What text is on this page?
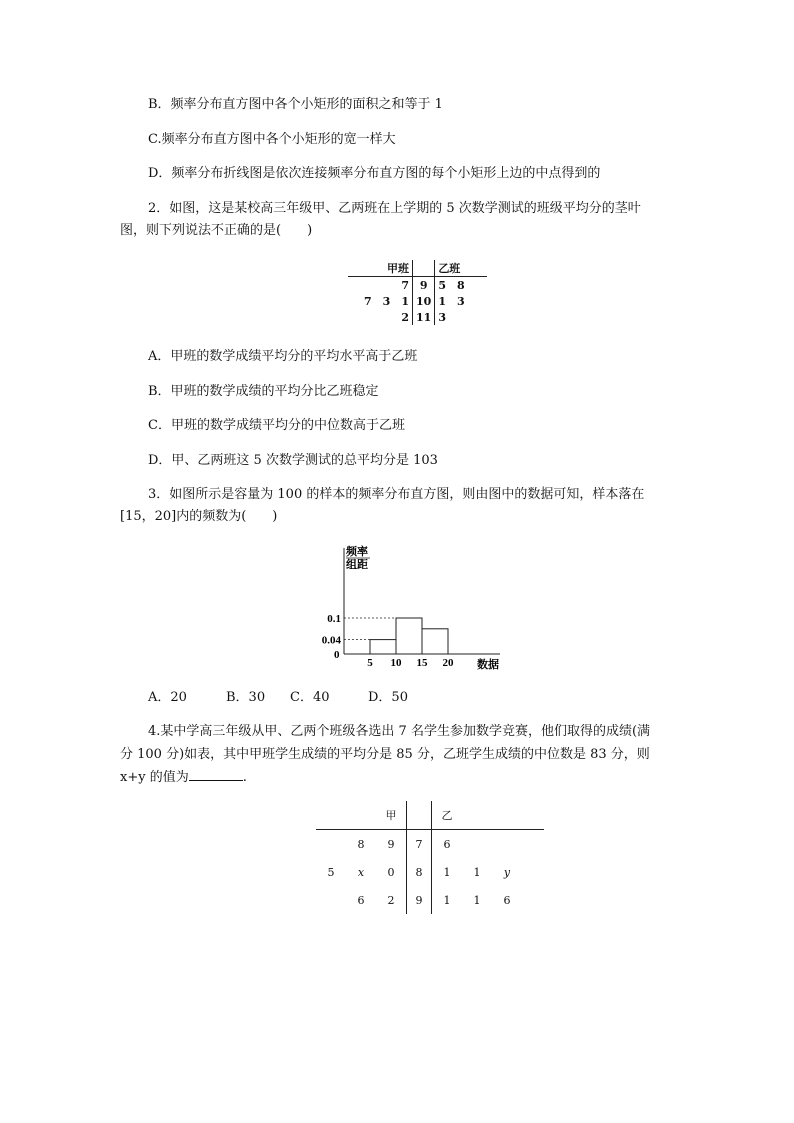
B．频率分布直方图中各个小矩形的面积之和等于 1
C.频率分布直方图中各个小矩形的宽一样大
D．频率分布折线图是依次连接频率分布直方图的每个小矩形上边的中点得到的
2．如图，这是某校高三年级甲、乙两班在上学期的 5 次数学测试的班级平均分的茎叶
图，则下列说法不正确的是(　　)
甲班		乙班
7	9	5　8
7　3　1	10	1　3
2	11	3
A．甲班的数学成绩平均分的平均水平高于乙班
B．甲班的数学成绩的平均分比乙班稳定
C．甲班的数学成绩平均分的中位数高于乙班
D．甲、乙两班这 5 次数学测试的总平均分是 103
3．如图所示是容量为 100 的样本的频率分布直方图，则由图中的数据可知，样本落在
[15，20]内的频数为(　　)
频率
组距
0
0.04
0.1
5 10 15 20 数据
A．20	B．30 C．40	D．50
4.某中学高三年级从甲、乙两个班级各选出 7 名学生参加数学竞赛，他们取得的成绩(满
分 100 分)如表，其中甲班学生成绩的平均分是 85 分，乙班学生成绩的中位数是 83 分，则
x+y 的值为	.
		甲		乙			
	8	9	7	6			
5	x	0	8	1	1	y	
	6	2	9	1	1	6	
